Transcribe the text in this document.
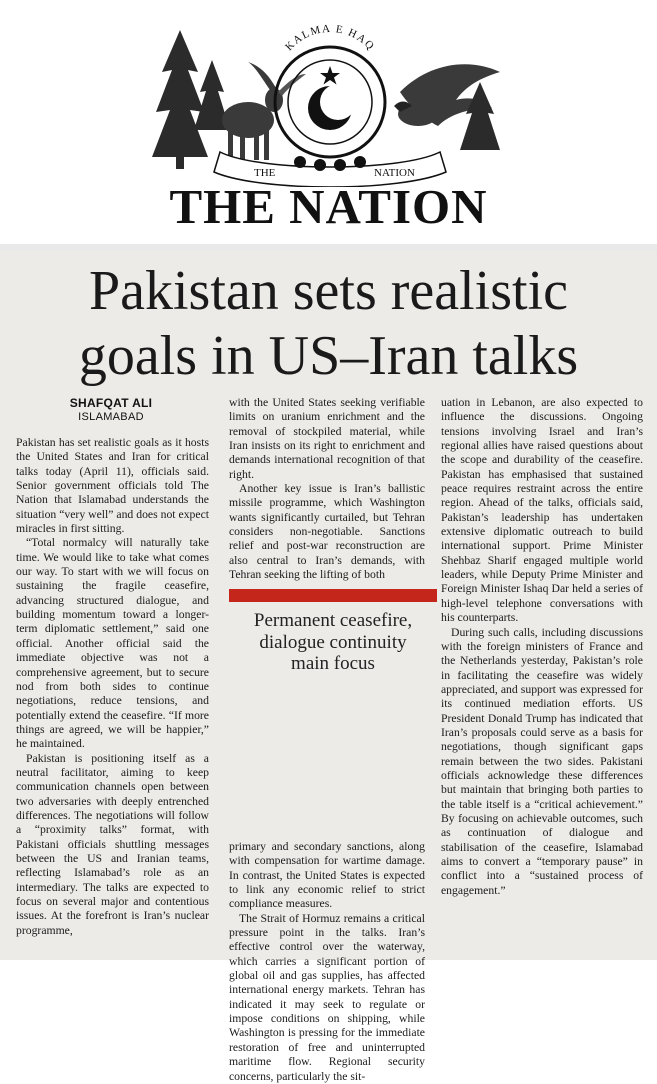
KALMA E HAQ
THE	NATION
THE NATION
Pakistan sets realistic
goals in US–Iran talks
SHAFQAT ALI
ISLAMABAD

Pakistan has set realistic goals as it hosts the United States and Iran for critical talks today (April 11), officials said. Senior government officials told The Nation that Islamabad understands the situation “very well” and does not expect miracles in first sitting.

“Total normalcy will naturally take time. We would like to take what comes our way. To start with we will focus on sustaining the fragile ceasefire, advancing structured dialogue, and building momentum toward a longer-term diplomatic settlement,” said one official. Another official said the immediate objective was not a comprehensive agreement, but to secure nod from both sides to continue negotiations, reduce tensions, and potentially extend the ceasefire. “If more things are agreed, we will be happier,” he maintained.

Pakistan is positioning itself as a neutral facilitator, aiming to keep communication channels open between two adversaries with deeply entrenched differences. The negotiations will follow a “proximity talks” format, with Pakistani officials shuttling messages between the US and Iranian teams, reflecting Islamabad’s role as an intermediary. The talks are expected to focus on several major and contentious issues. At the forefront is Iran’s nuclear programme,

with the United States seeking verifiable limits on uranium enrichment and the removal of stockpiled material, while Iran insists on its right to enrichment and demands international recognition of that right.

Another key issue is Iran’s ballistic missile programme, which Washington wants significantly curtailed, but Tehran considers non-negotiable. Sanctions relief and post-war reconstruction are also central to Iran’s demands, with Tehran seeking the lifting of both

Permanent ceasefire,
dialogue continuity
main focus

primary and secondary sanctions, along with compensation for wartime damage. In contrast, the United States is expected to link any economic relief to strict compliance measures.

The Strait of Hormuz remains a critical pressure point in the talks. Iran’s effective control over the waterway, which carries a significant portion of global oil and gas supplies, has affected international energy markets. Tehran has indicated it may seek to regulate or impose conditions on shipping, while Washington is pressing for the immediate restoration of free and uninterrupted maritime flow. Regional security concerns, particularly the sit-

uation in Lebanon, are also expected to influence the discussions. Ongoing tensions involving Israel and Iran’s regional allies have raised questions about the scope and durability of the ceasefire. Pakistan has emphasised that sustained peace requires restraint across the entire region. Ahead of the talks, officials said, Pakistan’s leadership has undertaken extensive diplomatic outreach to build international support. Prime Minister Shehbaz Sharif engaged multiple world leaders, while Deputy Prime Minister and Foreign Minister Ishaq Dar held a series of high-level telephone conversations with his counterparts.

During such calls, including discussions with the foreign ministers of France and the Netherlands yesterday, Pakistan’s role in facilitating the ceasefire was widely appreciated, and support was expressed for its continued mediation efforts. US President Donald Trump has indicated that Iran’s proposals could serve as a basis for negotiations, though significant gaps remain between the two sides. Pakistani officials acknowledge these differences but maintain that bringing both parties to the table itself is a “critical achievement.” By focusing on achievable outcomes, such as continuation of dialogue and stabilisation of the ceasefire, Islamabad aims to convert a “temporary pause” in conflict into a “sustained process of engagement.”
